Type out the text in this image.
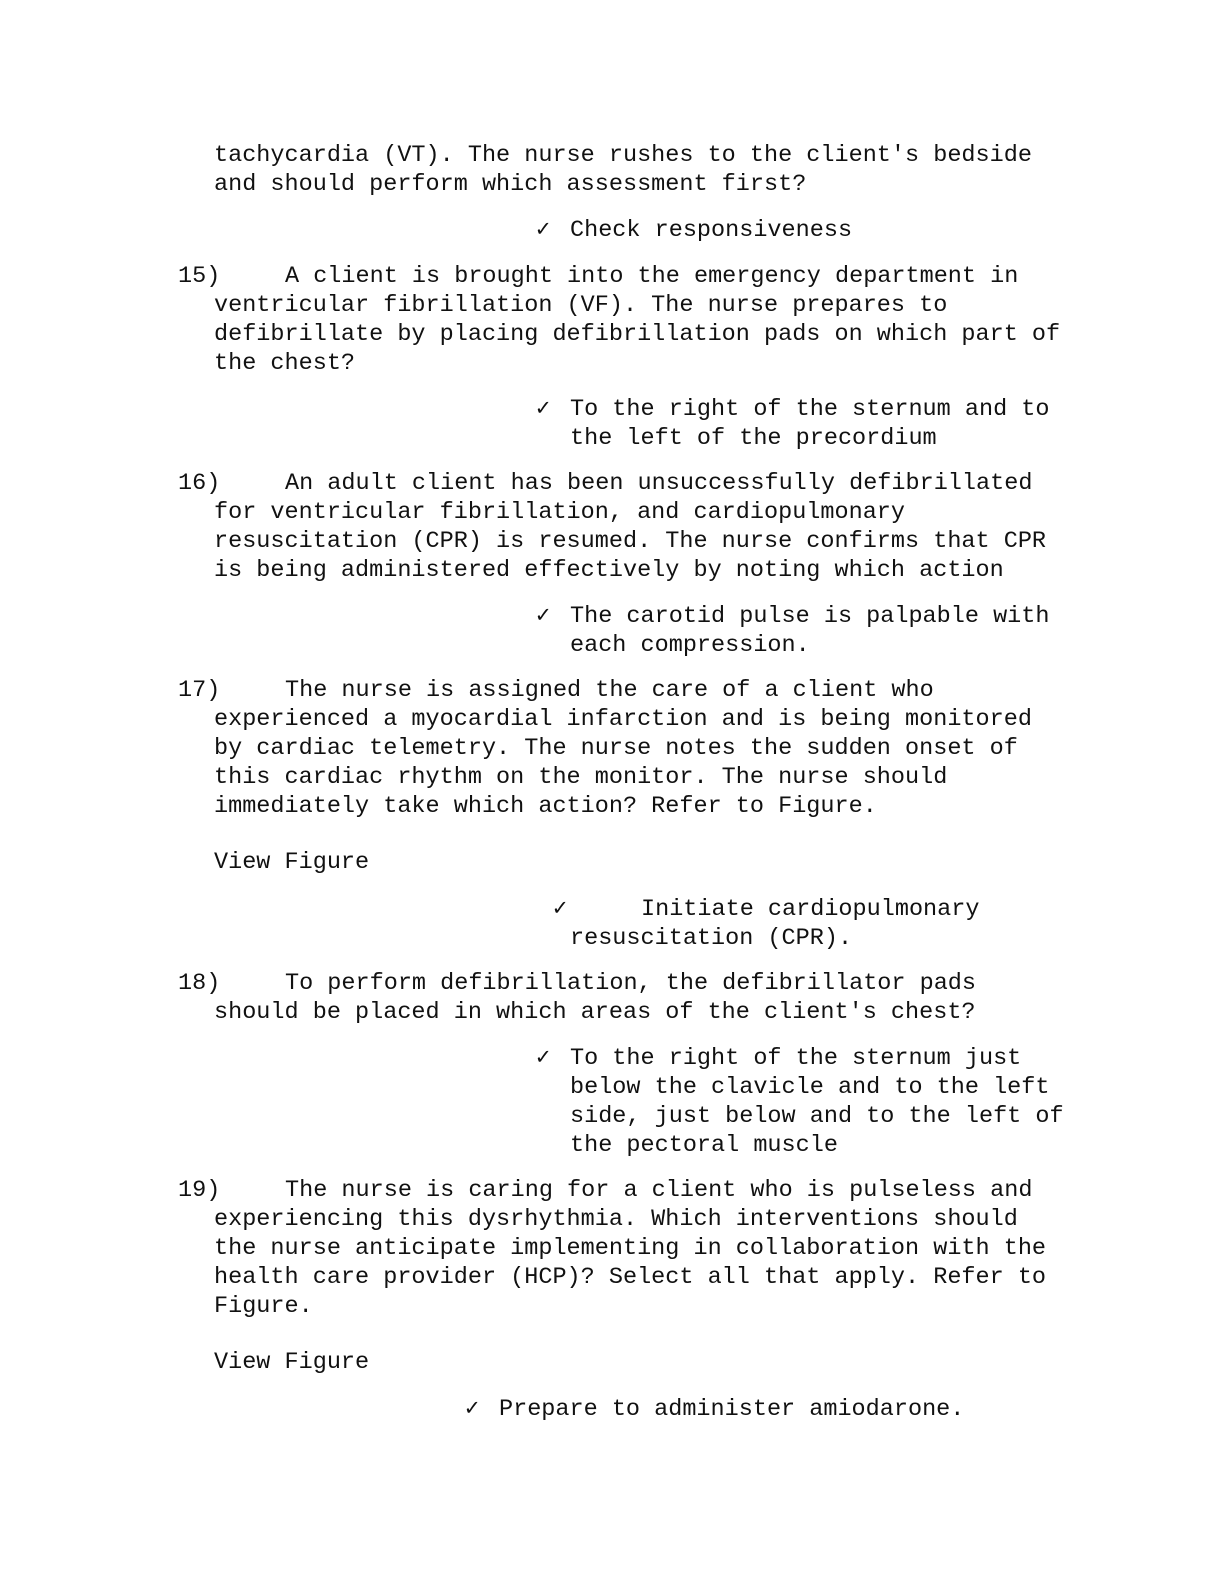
tachycardia (VT). The nurse rushes to the client's bedside
and should perform which assessment first?
✓ Check responsiveness
15)	A client is brought into the emergency department in
ventricular fibrillation (VF). The nurse prepares to
defibrillate by placing defibrillation pads on which part of
the chest?
✓ To the right of the sternum and to
the left of the precordium
16)	An adult client has been unsuccessfully defibrillated
for ventricular fibrillation, and cardiopulmonary
resuscitation (CPR) is resumed. The nurse confirms that CPR
is being administered effectively by noting which action
✓ The carotid pulse is palpable with
each compression.
17)	The nurse is assigned the care of a client who
experienced a myocardial infarction and is being monitored
by cardiac telemetry. The nurse notes the sudden onset of
this cardiac rhythm on the monitor. The nurse should
immediately take which action? Refer to Figure.
View Figure
✓	Initiate cardiopulmonary
resuscitation (CPR).
18)	To perform defibrillation, the defibrillator pads
should be placed in which areas of the client's chest?
✓ To the right of the sternum just
below the clavicle and to the left
side, just below and to the left of
the pectoral muscle
19)	The nurse is caring for a client who is pulseless and
experiencing this dysrhythmia. Which interventions should
the nurse anticipate implementing in collaboration with the
health care provider (HCP)? Select all that apply. Refer to
Figure.
View Figure
✓ Prepare to administer amiodarone.
